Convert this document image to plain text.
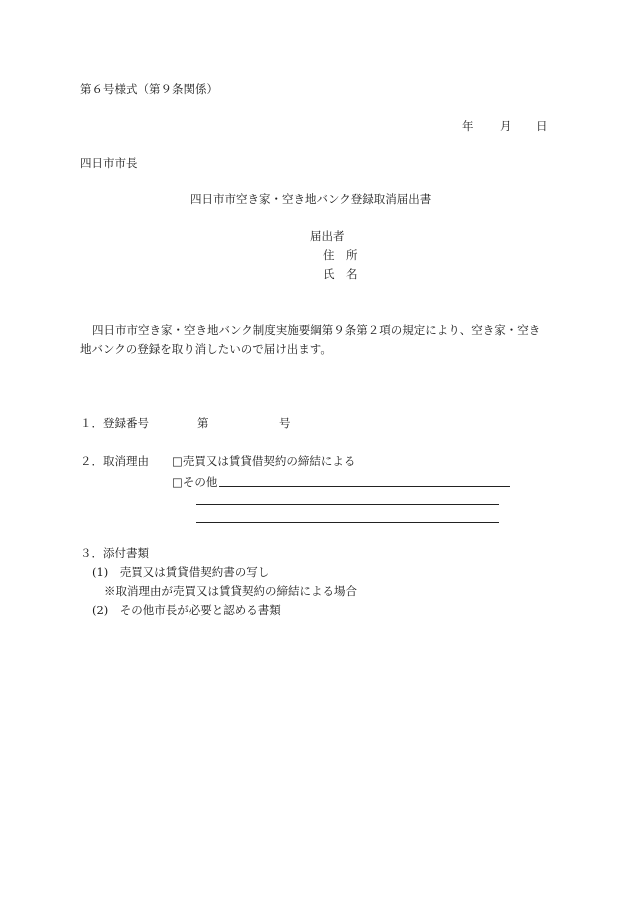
第６号様式（第９条関係）
年 月 日
四日市市長
四日市市空き家・空き地バンク登録取消届出書
届出者
住　所
氏　名
四日市市空き家・空き地バンク制度実施要綱第９条第２項の規定により、空き家・空き
地バンクの登録を取り消したいので届け出ます。
１．登録番号	第	号
２．取消理由 □売買又は賃貸借契約の締結による
□その他
３．添付書類
(1)　売買又は賃貸借契約書の写し
※取消理由が売買又は賃貸契約の締結による場合
(2)　その他市長が必要と認める書類
